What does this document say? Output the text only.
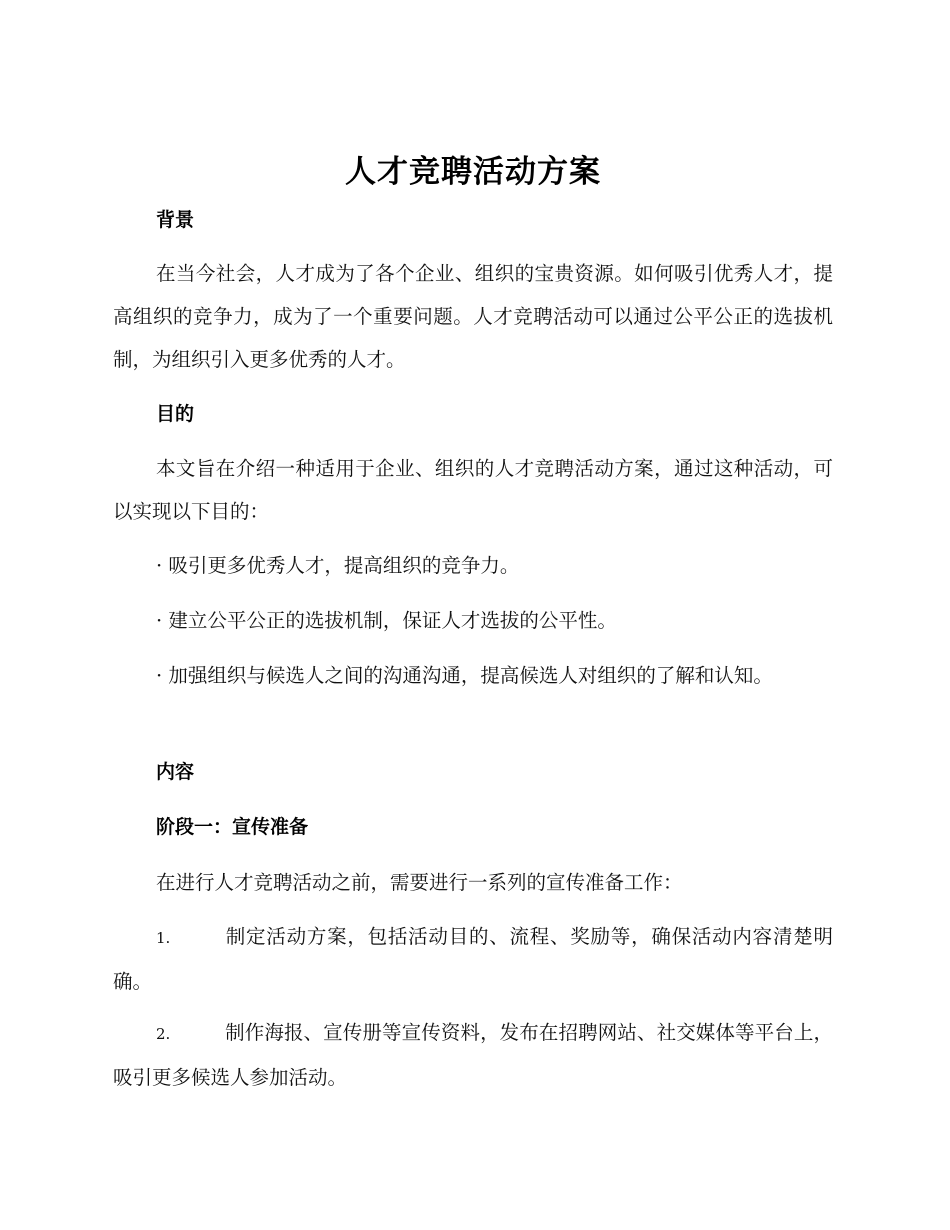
人才竞聘活动方案
背景

在当今社会，人才成为了各个企业、组织的宝贵资源。如何吸引优秀人才，提高组织的竞争力，成为了一个重要问题。人才竞聘活动可以通过公平公正的选拔机制，为组织引入更多优秀的人才。

目的

本文旨在介绍一种适用于企业、组织的人才竞聘活动方案，通过这种活动，可以实现以下目的：

· 吸引更多优秀人才，提高组织的竞争力。

· 建立公平公正的选拔机制，保证人才选拔的公平性。

· 加强组织与候选人之间的沟通沟通，提高候选人对组织的了解和认知。

内容
阶段一：宣传准备

在进行人才竞聘活动之前，需要进行一系列的宣传准备工作：

1.	制定活动方案，包括活动目的、流程、奖励等，确保活动内容清楚明确。

2.	制作海报、宣传册等宣传资料，发布在招聘网站、社交媒体等平台上，吸引更多候选人参加活动。
